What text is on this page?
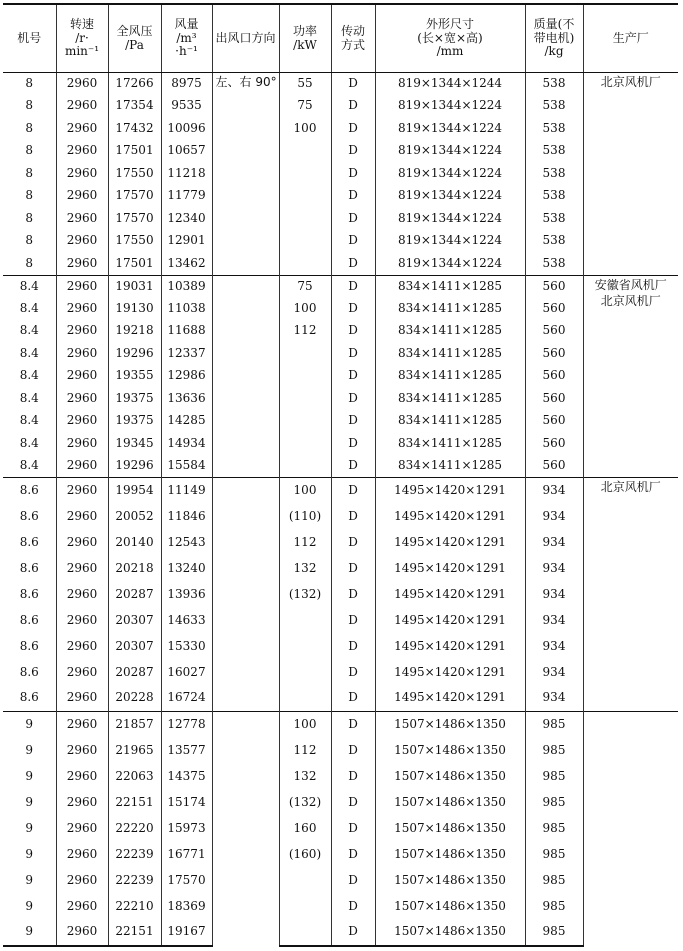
机号	转速
/r·
min⁻¹	全风压
/Pa	风量
/m³
·h⁻¹	出风口方向	功率
/kW	传动
方式	外形尺寸
(长×宽×高)
/mm	质量(不
带电机)
/kg	生产厂

8	2960	17266	8975	左、右 90°	55	D	819×1344×1244	538	北京风机厂

8	2960	17354	9535		75	D	819×1344×1224	538	
8	2960	17432	10096		100	D	819×1344×1224	538	
8	2960	17501	10657			D	819×1344×1224	538	
8	2960	17550	11218			D	819×1344×1224	538	
8	2960	17570	11779			D	819×1344×1224	538	
8	2960	17570	12340			D	819×1344×1224	538	
8	2960	17550	12901			D	819×1344×1224	538	
8	2960	17501	13462			D	819×1344×1224	538	
8.4	2960	19031	10389		75	D	834×1411×1285	560	安徽省风机厂
北京风机厂

8.4	2960	19130	11038		100	D	834×1411×1285	560	
8.4	2960	19218	11688		112	D	834×1411×1285	560	
8.4	2960	19296	12337			D	834×1411×1285	560	
8.4	2960	19355	12986			D	834×1411×1285	560	
8.4	2960	19375	13636			D	834×1411×1285	560	
8.4	2960	19375	14285			D	834×1411×1285	560	
8.4	2960	19345	14934			D	834×1411×1285	560	
8.4	2960	19296	15584			D	834×1411×1285	560	
8.6	2960	19954	11149		100	D	1495×1420×1291	934	北京风机厂

8.6	2960	20052	11846		(110)	D	1495×1420×1291	934	
8.6	2960	20140	12543		112	D	1495×1420×1291	934	
8.6	2960	20218	13240		132	D	1495×1420×1291	934	
8.6	2960	20287	13936		(132)	D	1495×1420×1291	934	
8.6	2960	20307	14633			D	1495×1420×1291	934	
8.6	2960	20307	15330			D	1495×1420×1291	934	
8.6	2960	20287	16027			D	1495×1420×1291	934	
8.6	2960	20228	16724			D	1495×1420×1291	934	
9	2960	21857	12778		100	D	1507×1486×1350	985	
9	2960	21965	13577		112	D	1507×1486×1350	985	
9	2960	22063	14375		132	D	1507×1486×1350	985	
9	2960	22151	15174		(132)	D	1507×1486×1350	985	
9	2960	22220	15973		160	D	1507×1486×1350	985	
9	2960	22239	16771		(160)	D	1507×1486×1350	985	
9	2960	22239	17570			D	1507×1486×1350	985	
9	2960	22210	18369			D	1507×1486×1350	985	
9	2960	22151	19167			D	1507×1486×1350	985	
